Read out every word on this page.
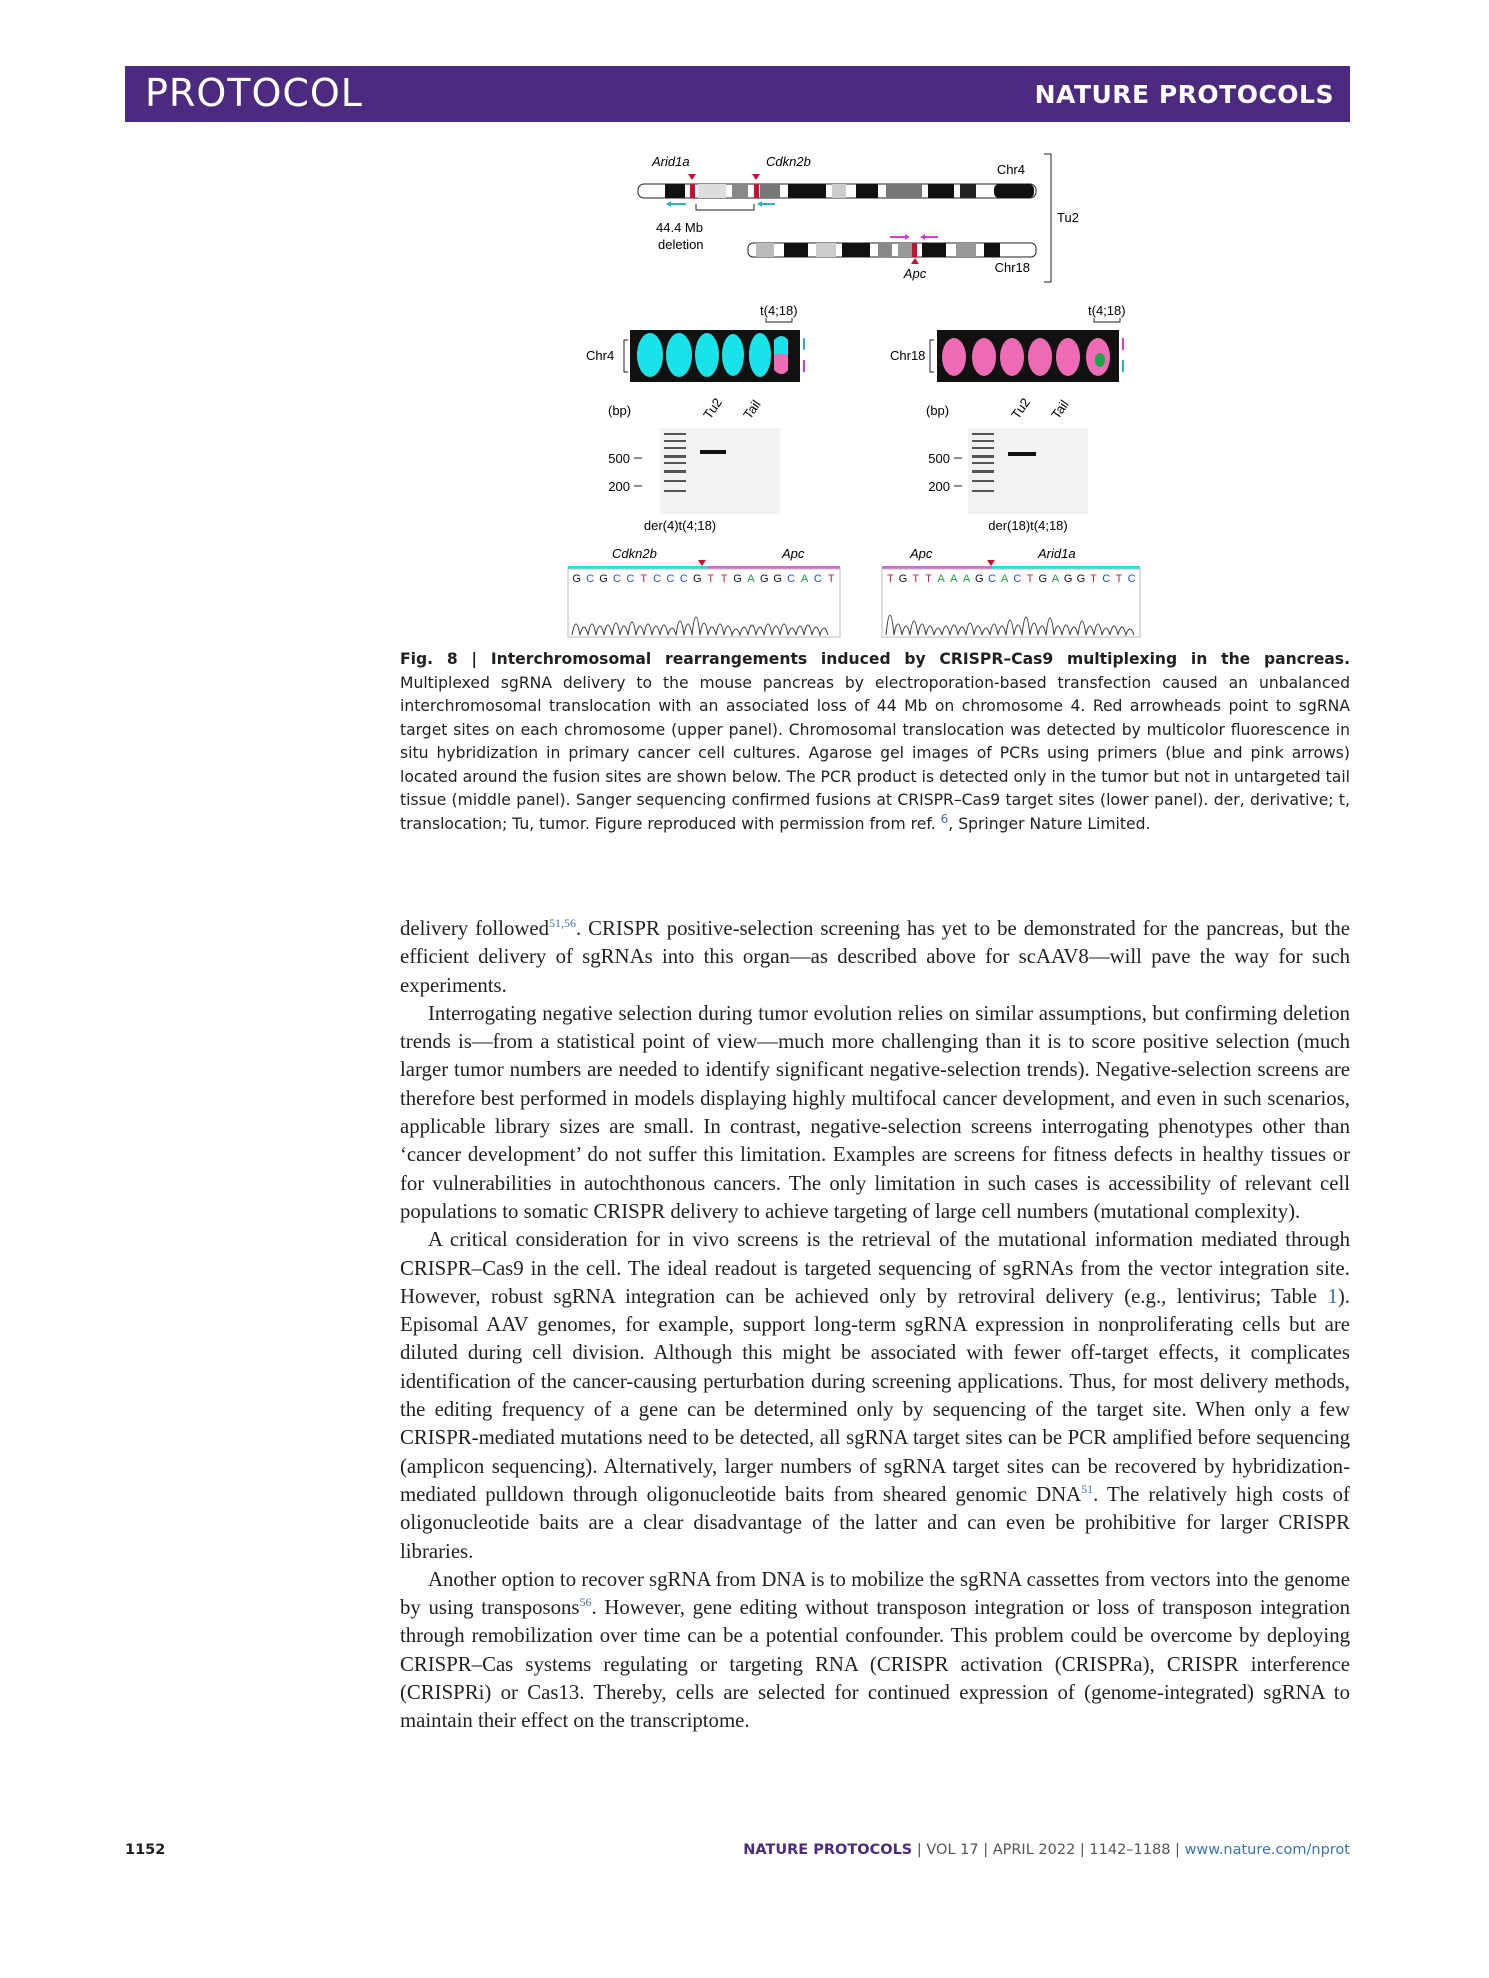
PROTOCOL	NATURE PROTOCOLS
Arid1a	Cdkn2b
Chr4
44.4 Mb
deletion
Apc	Chr18
Tu2
t(4;18)
Chr4
t(4;18)
Chr18
(bp)	Tu2 Tail
500
200
der(4)t(4;18)
(bp)	Tu2 Tail
500
200
der(18)t(4;18)
Cdkn2b	Apc
G C G C C T C C C G T T G A G G C A C T
Apc	Arid1a
T G T T A A A G C A C T G A G G T C T C
Fig. 8 | Interchromosomal rearrangements induced by CRISPR–Cas9 multiplexing in the pancreas. Multiplexed sgRNA delivery to the mouse pancreas by electroporation-based transfection caused an unbalanced interchromosomal translocation with an associated loss of 44 Mb on chromosome 4. Red arrowheads point to sgRNA target sites on each chromosome (upper panel). Chromosomal translocation was detected by multicolor fluorescence in situ hybridization in primary cancer cell cultures. Agarose gel images of PCRs using primers (blue and pink arrows) located around the fusion sites are shown below. The PCR product is detected only in the tumor but not in untargeted tail tissue (middle panel). Sanger sequencing confirmed fusions at CRISPR–Cas9 target sites (lower panel). der, derivative; t, translocation; Tu, tumor. Figure reproduced with permission from ref. $^6$, Springer Nature Limited.

delivery followed$^{51,56}$. CRISPR positive-selection screening has yet to be demonstrated for the pancreas, but the efficient delivery of sgRNAs into this organ—as described above for scAAV8—will pave the way for such experiments.

Interrogating negative selection during tumor evolution relies on similar assumptions, but confirming deletion trends is—from a statistical point of view—much more challenging than it is to score positive selection (much larger tumor numbers are needed to identify significant negative-selection trends). Negative-selection screens are therefore best performed in models displaying highly multifocal cancer development, and even in such scenarios, applicable library sizes are small. In contrast, negative-selection screens interrogating phenotypes other than ‘cancer development’ do not suffer this limitation. Examples are screens for fitness defects in healthy tissues or for vulnerabilities in autochthonous cancers. The only limitation in such cases is accessibility of relevant cell populations to somatic CRISPR delivery to achieve targeting of large cell numbers (mutational complexity).

A critical consideration for in vivo screens is the retrieval of the mutational information mediated through CRISPR–Cas9 in the cell. The ideal readout is targeted sequencing of sgRNAs from the vector integration site. However, robust sgRNA integration can be achieved only by retroviral delivery (e.g., lentivirus; Table 1). Episomal AAV genomes, for example, support long-term sgRNA expression in nonproliferating cells but are diluted during cell division. Although this might be associated with fewer off-target effects, it complicates identification of the cancer-causing perturbation during screening applications. Thus, for most delivery methods, the editing frequency of a gene can be determined only by sequencing of the target site. When only a few CRISPR-mediated mutations need to be detected, all sgRNA target sites can be PCR amplified before sequencing (amplicon sequencing). Alternatively, larger numbers of sgRNA target sites can be recovered by hybridization-mediated pulldown through oligonucleotide baits from sheared genomic DNA$^{51}$. The relatively high costs of oligonucleotide baits are a clear disadvantage of the latter and can even be prohibitive for larger CRISPR libraries.

Another option to recover sgRNA from DNA is to mobilize the sgRNA cassettes from vectors into the genome by using transposons$^{56}$. However, gene editing without transposon integration or loss of transposon integration through remobilization over time can be a potential confounder. This problem could be overcome by deploying CRISPR–Cas systems regulating or targeting RNA (CRISPR activation (CRISPRa), CRISPR interference (CRISPRi) or Cas13. Thereby, cells are selected for continued expression of (genome-integrated) sgRNA to maintain their effect on the transcriptome.

1152	NATURE PROTOCOLS | VOL 17 | APRIL 2022 | 1142–1188 | www.nature.com/nprot
